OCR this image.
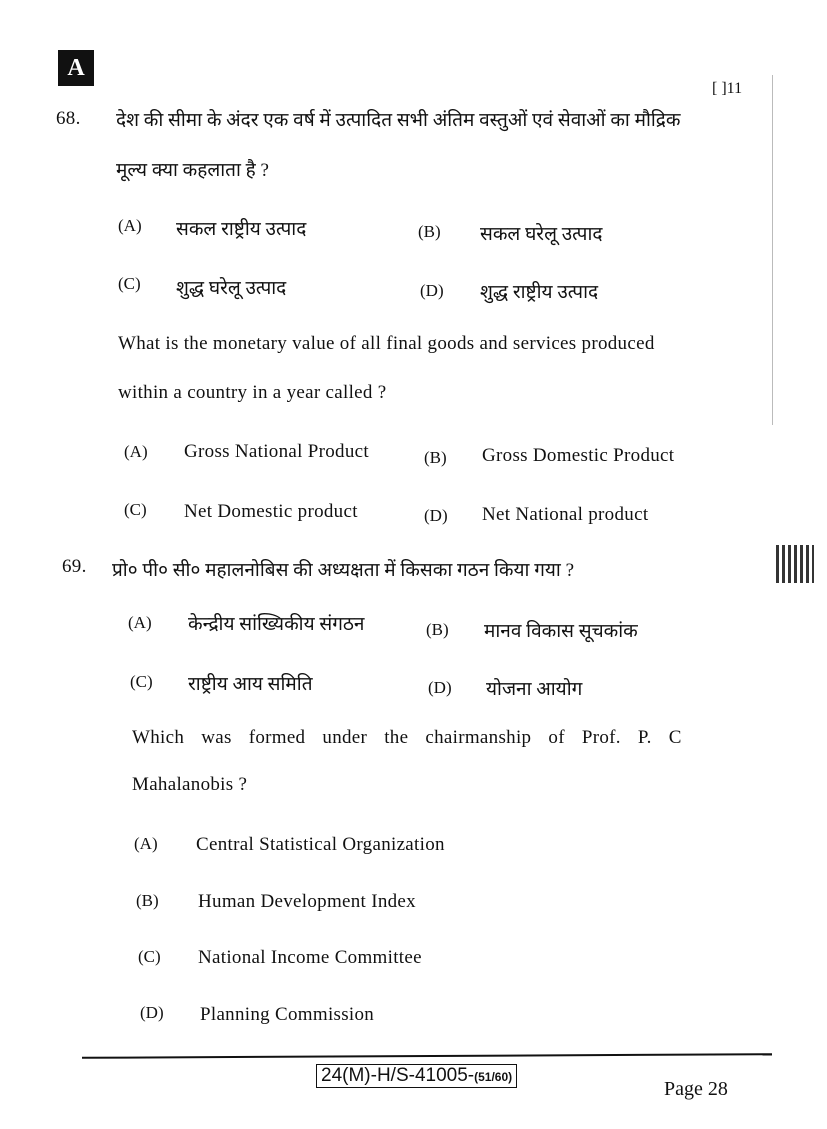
A
[ ]11
68. देश की सीमा के अंदर एक वर्ष में उत्पादित सभी अंतिम वस्तुओं एवं सेवाओं का मौद्रिक
मूल्य क्या कहलाता है ?
(A) सकल राष्ट्रीय उत्पाद	(B) सकल घरेलू उत्पाद
(C) शुद्ध घरेलू उत्पाद	(D) शुद्ध राष्ट्रीय उत्पाद
What is the monetary value of all final goods and services produced
within a country in a year called ?
(A) Gross National Product	(B) Gross Domestic Product
(C) Net Domestic product	(D) Net National product
69. प्रो० पी० सी० महालनोबिस की अध्यक्षता में किसका गठन किया गया ?
(A) केन्द्रीय सांख्यिकीय संगठन	(B) मानव विकास सूचकांक
(C) राष्ट्रीय आय समिति	(D) योजना आयोग
Which was formed under the chairmanship of Prof. P. C
Mahalanobis ?
(A) Central Statistical Organization
(B) Human Development Index
(C) National Income Committee
(D) Planning Commission
24(M)-H/S-41005-(51/60)
Page 28
